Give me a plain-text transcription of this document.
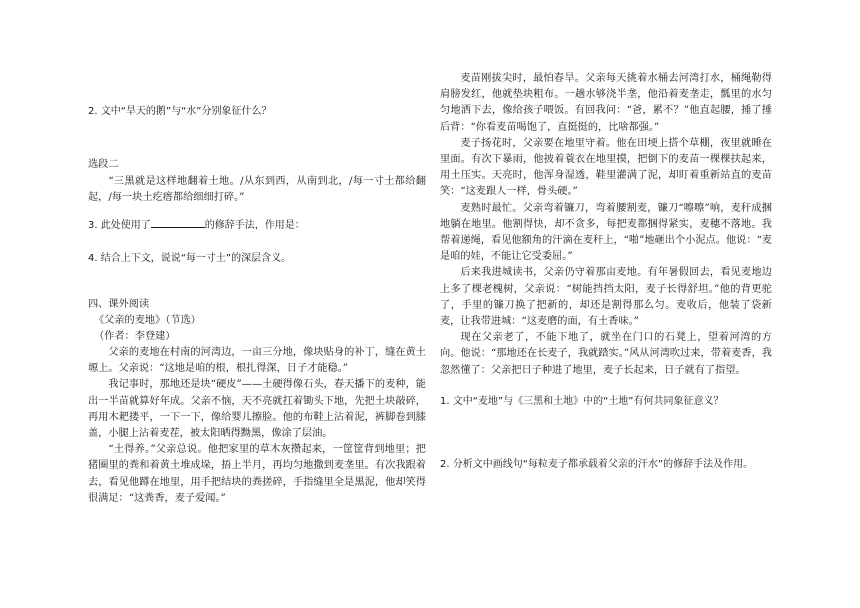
2. 文中“旱天的鹅”与“水”分别象征什么？
选段二

“三黑就是这样地翻着土地。/从东到西，从南到北，/每一寸土都给翻起，/每一块土疙瘩都给细细打碎。”

3. 此处使用了	的修辞手法，作用是：
4. 结合上下文，说说“每一寸土”的深层含义。
四、课外阅读
《父亲的麦地》（节选）
（作者：李登建）

父亲的麦地在村南的河湾边，一亩三分地，像块贴身的补丁，缝在黄土塬上。父亲说：“这地是咱的根，根扎得深，日子才能稳。”

我记事时，那地还是块“硬皮”——土硬得像石头，春天播下的麦种，能出一半苗就算好年成。父亲不恼，天不亮就扛着锄头下地，先把土块敲碎，再用木耙搂平，一下一下，像给婴儿擦脸。他的布鞋上沾着泥，裤脚卷到膝盖，小腿上沾着麦茬，被太阳晒得黝黑，像涂了层油。

“土得养。”父亲总说。他把家里的草木灰攒起来，一筐筐背到地里；把猪圈里的粪和着黄土堆成垛，捂上半月，再均匀地撒到麦垄里。有次我跟着去，看见他蹲在地里，用手把结块的粪搓碎，手指缝里全是黑泥，他却笑得很满足：“这粪香，麦子爱闻。”

麦苗刚拔尖时，最怕春旱。父亲每天挑着水桶去河湾打水，桶绳勒得肩膀发红，他就垫块粗布。一趟水够浇半垄，他沿着麦垄走，瓢里的水匀匀地洒下去，像给孩子喂饭。有回我问：“爸，累不？”他直起腰，捶了捶后背：“你看麦苗喝饱了，直挺挺的，比啥都强。”

麦子扬花时，父亲要在地里守着。他在田埂上搭个草棚，夜里就睡在里面。有次下暴雨，他披着蓑衣在地里摸，把倒下的麦苗一棵棵扶起来，用土压实。天亮时，他浑身湿透，鞋里灌满了泥，却盯着重新站直的麦苗笑：“这麦跟人一样，骨头硬。”

麦熟时最忙。父亲弯着镰刀，弯着腰割麦，镰刀“嚓嚓”响，麦秆成捆地躺在地里。他割得快，却不贪多，每把麦都捆得紧实，麦穗不落地。我帮着递绳，看见他额角的汗滴在麦秆上，“啪”地砸出个小泥点。他说：“麦是咱的娃，不能让它受委屈。”

后来我进城读书，父亲仍守着那亩麦地。有年暑假回去，看见麦地边上多了棵老槐树，父亲说：“树能挡挡太阳，麦子长得舒坦。”他的背更驼了，手里的镰刀换了把新的，却还是割得那么匀。麦收后，他装了袋新麦，让我带进城：“这麦磨的面，有土香味。”

现在父亲老了，不能下地了，就坐在门口的石凳上，望着河湾的方向。他说：“那地还在长麦子，我就踏实。”风从河湾吹过来，带着麦香，我忽然懂了：父亲把日子种进了地里，麦子长起来，日子就有了指望。

1. 文中“麦地”与《三黑和土地》中的“土地”有何共同象征意义？
2. 分析文中画线句“每粒麦子都承载着父亲的汗水”的修辞手法及作用。
